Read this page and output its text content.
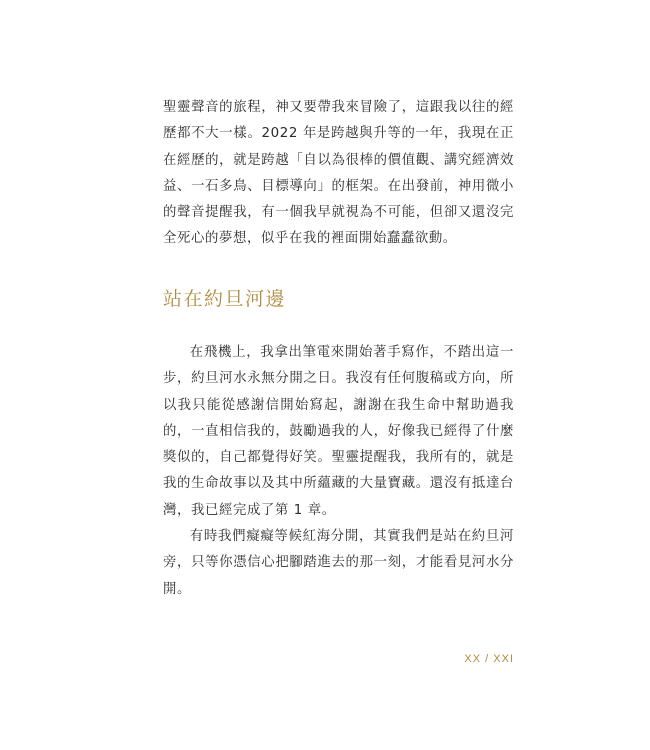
聖靈聲音的旅程，神又要帶我來冒險了，這跟我以往的經歷都不大一樣。2022 年是跨越與升等的一年，我現在正在經歷的，就是跨越「自以為很棒的價值觀、講究經濟效益、一石多鳥、目標導向」的框架。在出發前，神用微小的聲音提醒我，有一個我早就視為不可能，但卻又還沒完全死心的夢想，似乎在我的裡面開始蠢蠢欲動。

站在約旦河邊

在飛機上，我拿出筆電來開始著手寫作，不踏出這一步，約旦河水永無分開之日。我沒有任何腹稿或方向，所以我只能從感謝信開始寫起，謝謝在我生命中幫助過我的，一直相信我的，鼓勵過我的人，好像我已經得了什麼獎似的，自己都覺得好笑。聖靈提醒我，我所有的，就是我的生命故事以及其中所蘊藏的大量寶藏。還沒有抵達台灣，我已經完成了第 1 章。

有時我們癡癡等候紅海分開，其實我們是站在約旦河旁，只等你憑信心把腳踏進去的那一刻，才能看見河水分開。

XX / XXI
